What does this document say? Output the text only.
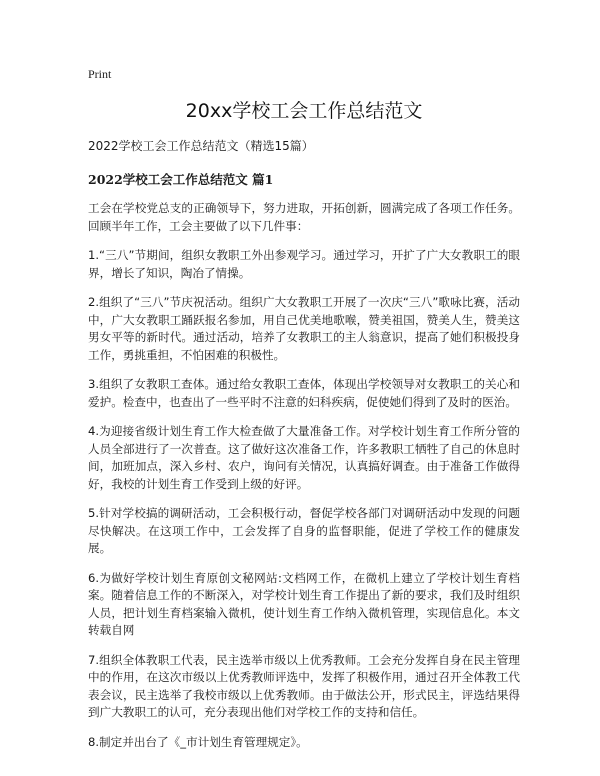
Print
20xx学校工会工作总结范文
2022学校工会工作总结范文（精选15篇）
2022学校工会工作总结范文 篇1

工会在学校党总支的正确领导下，努力进取，开拓创新，圆满完成了各项工作任务。回顾半年工作，工会主要做了以下几件事：

1.“三八”节期间，组织女教职工外出参观学习。通过学习，开扩了广大女教职工的眼界，增长了知识，陶冶了情操。

2.组织了“三八”节庆祝活动。组织广大女教职工开展了一次庆“三八”歌咏比赛，活动中，广大女教职工踊跃报名参加，用自己优美地歌喉，赞美祖国，赞美人生，赞美这男女平等的新时代。通过活动，培养了女教职工的主人翁意识，提高了她们积极投身工作，勇挑重担，不怕困难的积极性。

3.组织了女教职工查体。通过给女教职工查体，体现出学校领导对女教职工的关心和爱护。检查中，也查出了一些平时不注意的妇科疾病，促使她们得到了及时的医治。

4.为迎接省级计划生育工作大检查做了大量准备工作。对学校计划生育工作所分管的人员全部进行了一次普查。这了做好这次准备工作，许多教职工牺牲了自己的休息时间，加班加点，深入乡村、农户，询问有关情况，认真搞好调查。由于准备工作做得好，我校的计划生育工作受到上级的好评。

5.针对学校搞的调研活动，工会积极行动，督促学校各部门对调研活动中发现的问题尽快解决。在这项工作中，工会发挥了自身的监督职能，促进了学校工作的健康发展。

6.为做好学校计划生育原创文秘网站:文档网工作，在微机上建立了学校计划生育档案。随着信息工作的不断深入，对学校计划生育工作提出了新的要求，我们及时组织人员，把计划生育档案输入微机，使计划生育工作纳入微机管理，实现信息化。本文转载自网

7.组织全体教职工代表，民主选举市级以上优秀教师。工会充分发挥自身在民主管理中的作用，在这次市级以上优秀教师评选中，发挥了积极作用，通过召开全体教工代表会议，民主选举了我校市级以上优秀教师。由于做法公开，形式民主，评选结果得到广大教职工的认可，充分表现出他们对学校工作的支持和信任。

8.制定并出台了《_市计划生育管理规定》。
